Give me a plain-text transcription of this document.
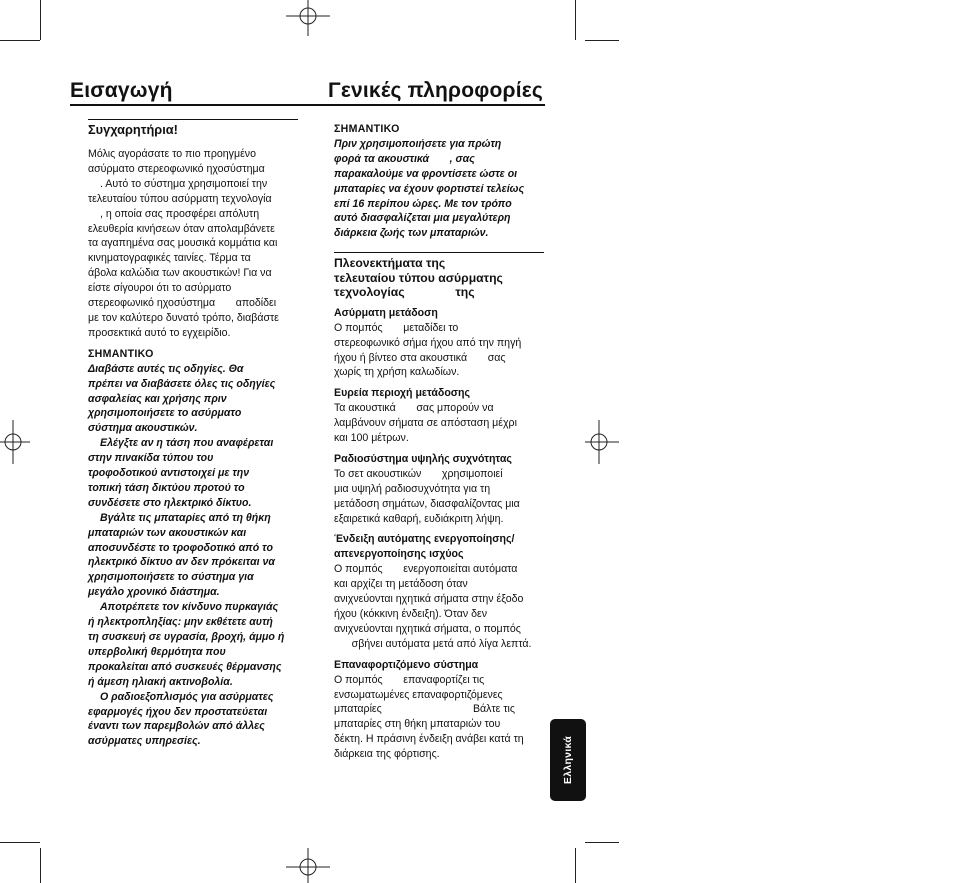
Εισαγωγή	Γενικές πληροφορίες

Συγχαρητήρια!

Μόλις αγοράσατε το πιο προηγμένο

ασύρματο στερεοφωνικό ηχοσύστημα

. Αυτό το σύστημα χρησιμοποιεί την

τελευταίου τύπου ασύρματη τεχνολογία

, η οποία σας προσφέρει απόλυτη

ελευθερία κινήσεων όταν απολαμβάνετε

τα αγαπημένα σας μουσικά κομμάτια και

κινηματογραφικές ταινίες. Τέρμα τα

άβολα καλώδια των ακουστικών! Για να

είστε σίγουροι ότι το ασύρματο

στερεοφωνικό ηχοσύστημα       αποδίδει

με τον καλύτερο δυνατό τρόπο, διαβάστε

προσεκτικά αυτό το εγχειρίδιο.

ΣΗΜΑΝΤΙΚΟ

Διαβάστε αυτές τις οδηγίες. Θα

πρέπει να διαβάσετε όλες τις οδηγίες

ασφαλείας και χρήσης πριν

χρησιμοποιήσετε το ασύρματο

σύστημα ακουστικών.

Ελέγξτε αν η τάση που αναφέρεται

στην πινακίδα τύπου του

τροφοδοτικού αντιστοιχεί με την

τοπική τάση δικτύου προτού το

συνδέσετε στο ηλεκτρικό δίκτυο.

Βγάλτε τις μπαταρίες από τη θήκη

μπαταριών των ακουστικών και

αποσυνδέστε το τροφοδοτικό από το

ηλεκτρικό δίκτυο αν δεν πρόκειται να

χρησιμοποιήσετε το σύστημα για

μεγάλο χρονικό διάστημα.

Αποτρέπετε τον κίνδυνο πυρκαγιάς

ή ηλεκτροπληξίας: μην εκθέτετε αυτή

τη συσκευή σε υγρασία, βροχή, άμμο ή

υπερβολική θερμότητα που

προκαλείται από συσκευές θέρμανσης

ή άμεση ηλιακή ακτινοβολία.

Ο ραδιοεξοπλισμός για ασύρματες

εφαρμογές ήχου δεν προστατεύεται

έναντι των παρεμβολών από άλλες

ασύρματες υπηρεσίες.

ΣΗΜΑΝΤΙΚΟ

Πριν χρησιμοποιήσετε για πρώτη

φορά τα ακουστικά       , σας

παρακαλούμε να φροντίσετε ώστε οι

μπαταρίες να έχουν φορτιστεί τελείως

επί 16 περίπου ώρες. Με τον τρόπο

αυτό διασφαλίζεται μια μεγαλύτερη

διάρκεια ζωής των μπαταριών.

Πλεονεκτήματα της

τελευταίου τύπου ασύρματης

τεχνολογίας               της

Ασύρματη μετάδοση

Ο πομπός       μεταδίδει το

στερεοφωνικό σήμα ήχου από την πηγή

ήχου ή βίντεο στα ακουστικά       σας

χωρίς τη χρήση καλωδίων.

Ευρεία περιοχή μετάδοσης

Τα ακουστικά       σας μπορούν να

λαμβάνουν σήματα σε απόσταση μέχρι

και 100 μέτρων.

Ραδιοσύστημα υψηλής συχνότητας

Το σετ ακουστικών       χρησιμοποιεί

μια υψηλή ραδιοσυχνότητα για τη

μετάδοση σημάτων, διασφαλίζοντας μια

εξαιρετικά καθαρή, ευδιάκριτη λήψη.

Ένδειξη αυτόματης ενεργοποίησης/

απενεργοποίησης ισχύος

Ο πομπός       ενεργοποιείται αυτόματα

και αρχίζει τη μετάδοση όταν

ανιχνεύονται ηχητικά σήματα στην έξοδο

ήχου (κόκκινη ένδειξη). Όταν δεν

ανιχνεύονται ηχητικά σήματα, ο πομπός

σβήνει αυτόματα μετά από λίγα λεπτά.

Επαναφορτιζόμενο σύστημα

Ο πομπός       επαναφορτίζει τις

ενσωματωμένες επαναφορτιζόμενες

μπαταρίες                               Βάλτε τις

μπαταρίες στη θήκη μπαταριών του

δέκτη. Η πράσινη ένδειξη ανάβει κατά τη

διάρκεια της φόρτισης.	Ελληνικά
